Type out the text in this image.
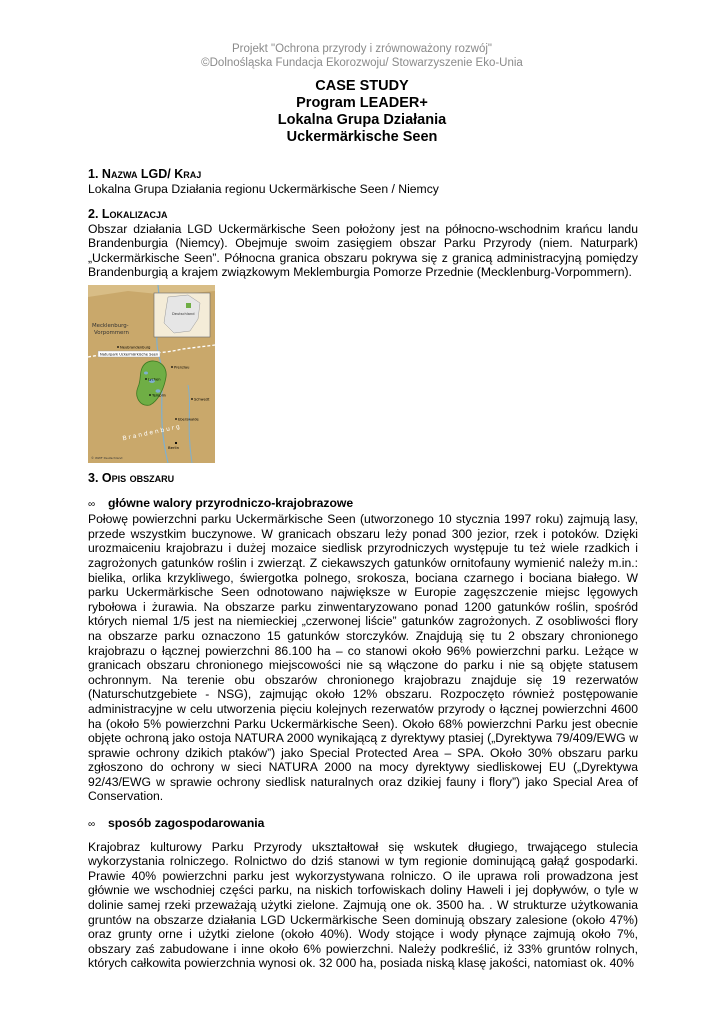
Projekt "Ochrona przyrody i zrównoważony rozwój"
©Dolnośląska Fundacja Ekorozwoju/ Stowarzyszenie Eko-Unia
CASE STUDY
Program LEADER+
Lokalna Grupa Działania
Uckermärkische Seen
1. Nazwa LGD/ Kraj
Lokalna Grupa Działania regionu Uckermärkische Seen / Niemcy
2. Lokalizacja
Obszar działania LGD Uckermärkische Seen położony jest na północno-wschodnim krańcu landu Brandenburgia (Niemcy). Obejmuje swoim zasięgiem obszar Parku Przyrody (niem. Naturpark) „Uckermärkische Seen”. Północna granica obszaru pokrywa się z granicą administracyjną pomiędzy Brandenburgią a krajem związkowym Meklemburgia Pomorze Przednie (Mecklenburg-Vorpommern).
Deutschland
Mecklenburg-
Vorpommern
Neubrandenburg
Naturpark Uckermärkische Seen
Prenzlau
Lychen
Templin
Schwedt
Eberswalde
B r a n d e n b u r g
Berlin
© WWF Deutschland
3. Opis obszaru
∞ główne walory przyrodniczo-krajobrazowe
Połowę powierzchni parku Uckermärkische Seen (utworzonego 10 stycznia 1997 roku) zajmują lasy, przede wszystkim buczynowe. W granicach obszaru leży ponad 300 jezior, rzek i potoków. Dzięki urozmaiceniu krajobrazu i dużej mozaice siedlisk przyrodniczych występuje tu też wiele rzadkich i zagrożonych gatunków roślin i zwierząt. Z ciekawszych gatunków ornitofauny wymienić należy m.in.: bielika, orlika krzykliwego, świergotka polnego, srokosza, bociana czarnego i bociana białego. W parku Uckermärkische Seen odnotowano największe w Europie zagęszczenie miejsc lęgowych rybołowa i żurawia. Na obszarze parku zinwentaryzowano ponad 1200 gatunków roślin, spośród których niemal 1/5 jest na niemieckiej „czerwonej liście” gatunków zagrożonych. Z osobliwości flory na obszarze parku oznaczono 15 gatunków storczyków. Znajdują się tu 2 obszary chronionego krajobrazu o łącznej powierzchni 86.100 ha – co stanowi około 96% powierzchni parku. Leżące w granicach obszaru chronionego miejscowości nie są włączone do parku i nie są objęte statusem ochronnym. Na terenie obu obszarów chronionego krajobrazu znajduje się 19 rezerwatów (Naturschutzgebiete - NSG), zajmując około 12% obszaru. Rozpoczęto również postępowanie administracyjne w celu utworzenia pięciu kolejnych rezerwatów przyrody o łącznej powierzchni 4600 ha (około 5% powierzchni Parku Uckermärkische Seen). Około 68% powierzchni Parku jest obecnie objęte ochroną jako ostoja NATURA 2000 wynikającą z dyrektywy ptasiej („Dyrektywa 79/409/EWG w sprawie ochrony dzikich ptaków”) jako Special Protected Area – SPA. Około 30% obszaru parku zgłoszono do ochrony w sieci NATURA 2000 na mocy dyrektywy siedliskowej EU („Dyrektywa 92/43/EWG w sprawie ochrony siedlisk naturalnych oraz dzikiej fauny i flory”) jako Special Area of Conservation.
∞ sposób zagospodarowania
Krajobraz kulturowy Parku Przyrody ukształtował się wskutek długiego, trwającego stulecia wykorzystania rolniczego. Rolnictwo do dziś stanowi w tym regionie dominującą gałąź gospodarki. Prawie 40% powierzchni parku jest wykorzystywana rolniczo. O ile uprawa roli prowadzona jest głównie we wschodniej części parku, na niskich torfowiskach doliny Haweli i jej dopływów, o tyle w dolinie samej rzeki przeważają użytki zielone. Zajmują one ok. 3500 ha. . W strukturze użytkowania gruntów na obszarze działania LGD Uckermärkische Seen dominują obszary zalesione (około 47%) oraz grunty orne i użytki zielone (około 40%). Wody stojące i wody płynące zajmują około 7%, obszary zaś zabudowane i inne około 6% powierzchni. Należy podkreślić, iż 33% gruntów rolnych, których całkowita powierzchnia wynosi ok. 32 000 ha, posiada niską klasę jakości, natomiast ok. 40%
